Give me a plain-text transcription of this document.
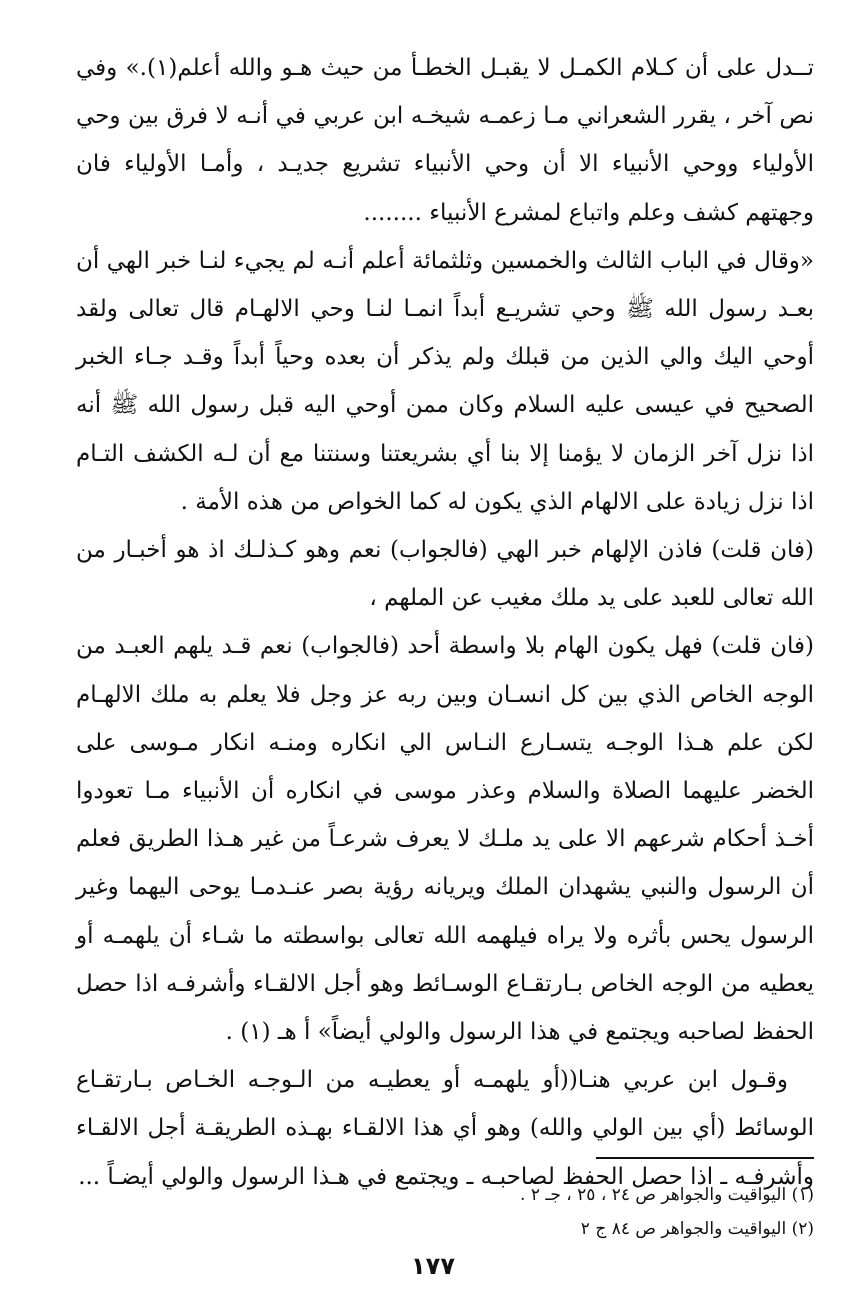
تــدل على أن كـلام الكمـل لا يقبـل الخطـأ من حيث هـو والله أعلم(١).» وفي نص آخر ، يقرر الشعراني مـا زعمـه شيخـه ابن عربي في أنـه لا فرق بين وحي الأولياء ووحي الأنبياء الا أن وحي الأنبياء تشريع جديـد ، وأمـا الأولياء فان وجهتهم كشف وعلم واتباع لمشرع الأنبياء ........

«وقال في الباب الثالث والخمسين وثلثمائة أعلم أنـه لم يجيء لنـا خبر الهي أن بعـد رسول الله ﷺ وحي تشريـع أبداً انمـا لنـا وحي الالهـام قال تعالى ولقد أوحي اليك والي الذين من قبلك ولم يذكر أن بعده وحياً أبداً وقـد جـاء الخبر الصحيح في عيسى عليه السلام وكان ممن أوحي اليه قبل رسول الله ﷺ أنه اذا نزل آخر الزمان لا يؤمنا إلا بنا أي بشريعتنا وسنتنا مع أن لـه الكشف التـام اذا نزل زيادة على الالهام الذي يكون له كما الخواص من هذه الأمة .

(فان قلت) فاذن الإلهام خبر الهي (فالجواب) نعم وهو كـذلـك اذ هو أخبـار من الله تعالى للعبد على يد ملك مغيب عن الملهم ،

(فان قلت) فهل يكون الهام بلا واسطة أحد (فالجواب) نعم قـد يلهم العبـد من الوجه الخاص الذي بين كل انسـان وبين ربه عز وجل فلا يعلم به ملك الالهـام لكن علم هـذا الوجـه يتسـارع النـاس الي انكاره ومنـه انكار مـوسى على الخضر عليهما الصلاة والسلام وعذر موسى في انكاره أن الأنبياء مـا تعودوا أخـذ أحكام شرعهم الا على يد ملـك لا يعرف شرعـاً من غير هـذا الطريق فعلم أن الرسول والنبي يشهدان الملك ويريانه رؤية بصر عنـدمـا يوحى اليهما وغير الرسول يحس بأثره ولا يراه فيلهمه الله تعالى بواسطته ما شـاء أن يلهمـه أو يعطيه من الوجه الخاص بـارتقـاع الوسـائط وهو أجل الالقـاء وأشرفـه اذا حصل الحفظ لصاحبه ويجتمع في هذا الرسول والولي أيضاً» أ هـ (١) .

وقـول ابن عربي هنـا((أو يلهمـه أو يعطيـه من الـوجـه الخـاص بـارتقـاع الوسائط (أي بين الولي والله) وهو أي هذا الالقـاء بهـذه الطريقـة أجل الالقـاء وأشرفـه ـ اذا حصل الحفظ لصاحبـه ـ ويجتمع في هـذا الرسول والولي أيضـاً ...

(١) اليواقيت والجواهر ص ٢٤ ، ٢٥ ، جـ ٢ .

(٢) اليواقيت والجواهر ص ٨٤ ج ٢

١٧٧
